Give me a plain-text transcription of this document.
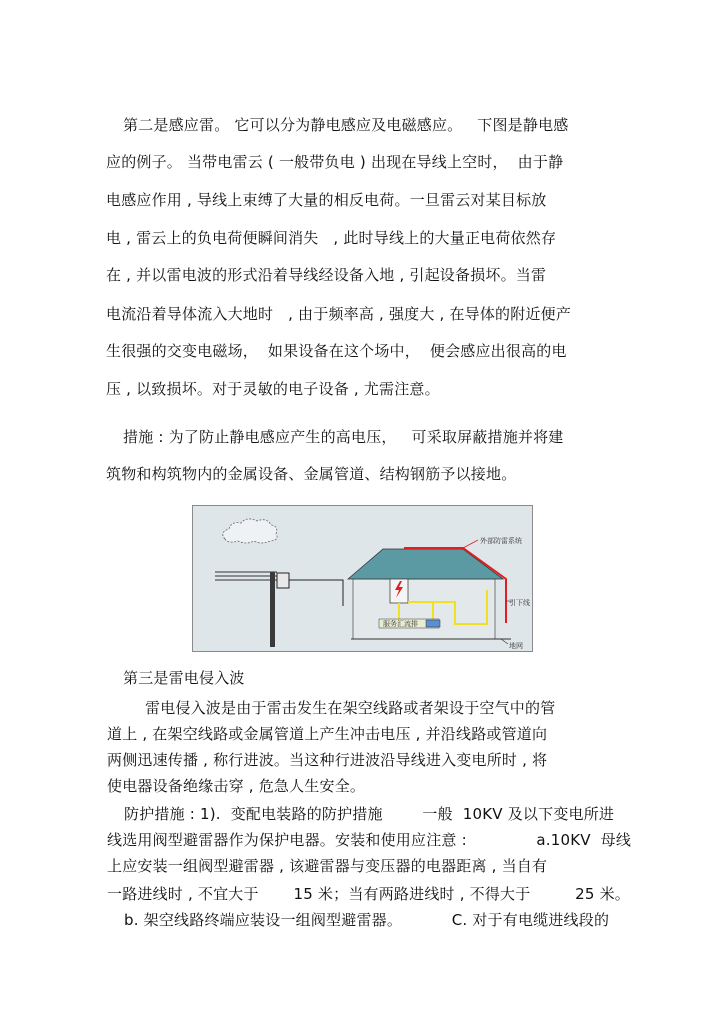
第二是感应雷。 它可以分为静电感应及电磁感应。   下图是静电感
应的例子。 当带电雷云 ( 一般带负电 ) 出现在导线上空时，  由于静
电感应作用 , 导线上束缚了大量的相反电荷。一旦雷云对某目标放
电 , 雷云上的负电荷便瞬间消失   , 此时导线上的大量正电荷依然存
在 , 并以雷电波的形式沿着导线经设备入地 , 引起设备损坏。当雷
电流沿着导体流入大地时   , 由于频率高 , 强度大 , 在导体的附近便产
生很强的交变电磁场，  如果设备在这个场中，  便会感应出很高的电
压 , 以致损坏。对于灵敏的电子设备 , 尤需注意。
措施 : 为了防止静电感应产生的高电压，   可采取屏蔽措施并将建
筑物和构筑物内的金属设备、金属管道、结构钢筋予以接地。
外部防雷系统
引下线
服务汇流排
地网
第三是雷电侵入波
雷电侵入波是由于雷击发生在架空线路或者架设于空气中的管
道上 , 在架空线路或金属管道上产生冲击电压 , 并沿线路或管道向
两侧迅速传播 , 称行进波。当这种行进波沿导线进入变电所时 , 将
使电器设备绝缘击穿 , 危急人生安全。
防护措施 : 1).  变配电装路的防护措施        一般  10KV 及以下变电所进
线选用阀型避雷器作为保护电器。安装和使用应注意 :              a.10KV  母线
上应安装一组阀型避雷器 , 该避雷器与变压器的电器距离 , 当自有
一路进线时 , 不宜大于       15 米；当有两路进线时 , 不得大于         25 米。
b. 架空线路终端应装设一组阀型避雷器。          C. 对于有电缆进线段的
